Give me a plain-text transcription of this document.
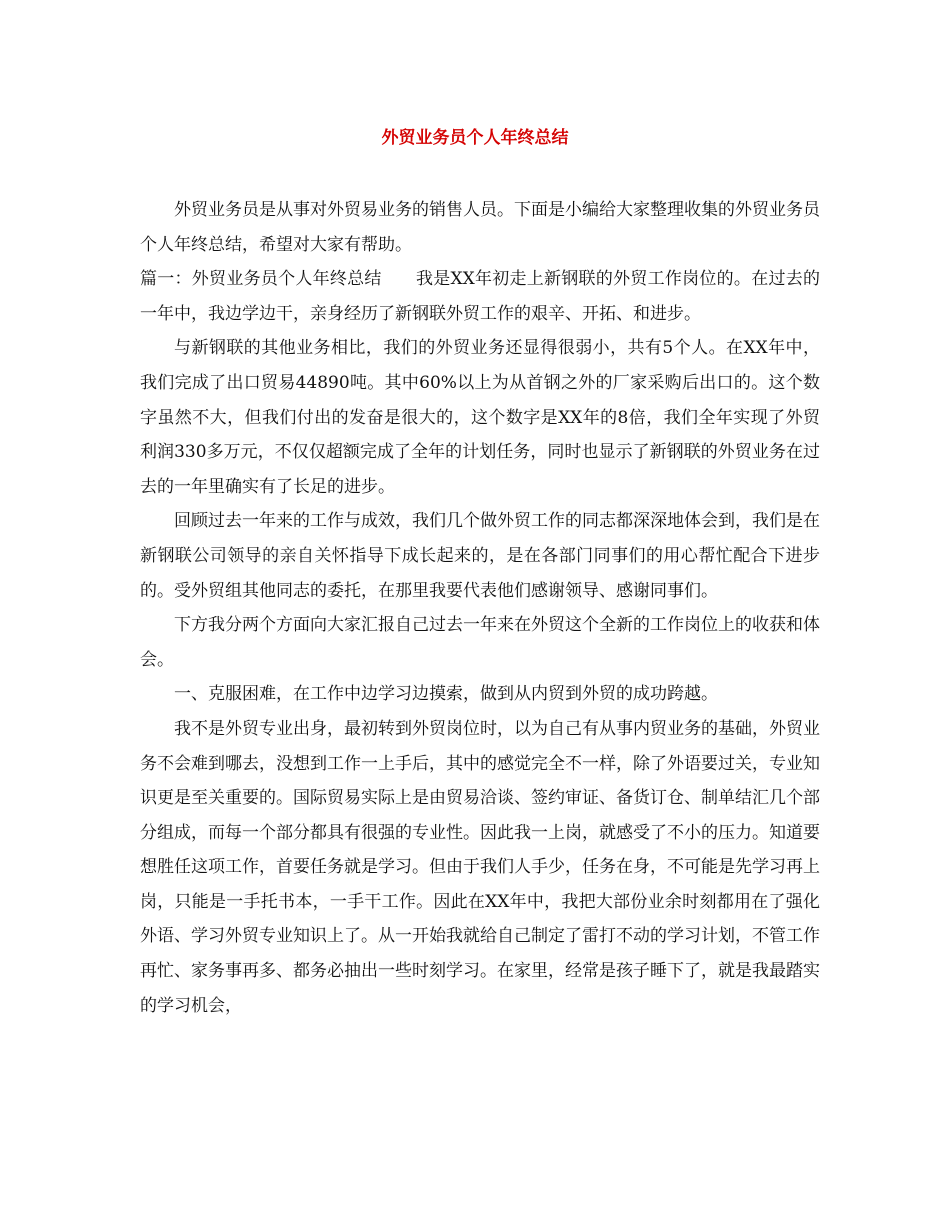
外贸业务员个人年终总结

外贸业务员是从事对外贸易业务的销售人员。下面是小编给大家整理收集的外贸业务员个人年终总结，希望对大家有帮助。

篇一：外贸业务员个人年终总结 我是XX年初走上新钢联的外贸工作岗位的。在过去的一年中，我边学边干，亲身经历了新钢联外贸工作的艰辛、开拓、和进步。

与新钢联的其他业务相比，我们的外贸业务还显得很弱小，共有5个人。在XX年中，我们完成了出口贸易44890吨。其中60%以上为从首钢之外的厂家采购后出口的。这个数字虽然不大，但我们付出的发奋是很大的，这个数字是XX年的8倍，我们全年实现了外贸利润330多万元，不仅仅超额完成了全年的计划任务，同时也显示了新钢联的外贸业务在过去的一年里确实有了长足的进步。

回顾过去一年来的工作与成效，我们几个做外贸工作的同志都深深地体会到，我们是在新钢联公司领导的亲自关怀指导下成长起来的，是在各部门同事们的用心帮忙配合下进步的。受外贸组其他同志的委托，在那里我要代表他们感谢领导、感谢同事们。

下方我分两个方面向大家汇报自己过去一年来在外贸这个全新的工作岗位上的收获和体会。

一、克服困难，在工作中边学习边摸索，做到从内贸到外贸的成功跨越。

我不是外贸专业出身，最初转到外贸岗位时，以为自己有从事内贸业务的基础，外贸业务不会难到哪去，没想到工作一上手后，其中的感觉完全不一样，除了外语要过关，专业知识更是至关重要的。国际贸易实际上是由贸易洽谈、签约审证、备货订仓、制单结汇几个部分组成，而每一个部分都具有很强的专业性。因此我一上岗，就感受了不小的压力。知道要想胜任这项工作，首要任务就是学习。但由于我们人手少，任务在身，不可能是先学习再上岗，只能是一手托书本，一手干工作。因此在XX年中，我把大部份业余时刻都用在了强化外语、学习外贸专业知识上了。从一开始我就给自己制定了雷打不动的学习计划，不管工作再忙、家务事再多、都务必抽出一些时刻学习。在家里，经常是孩子睡下了，就是我最踏实的学习机会，
